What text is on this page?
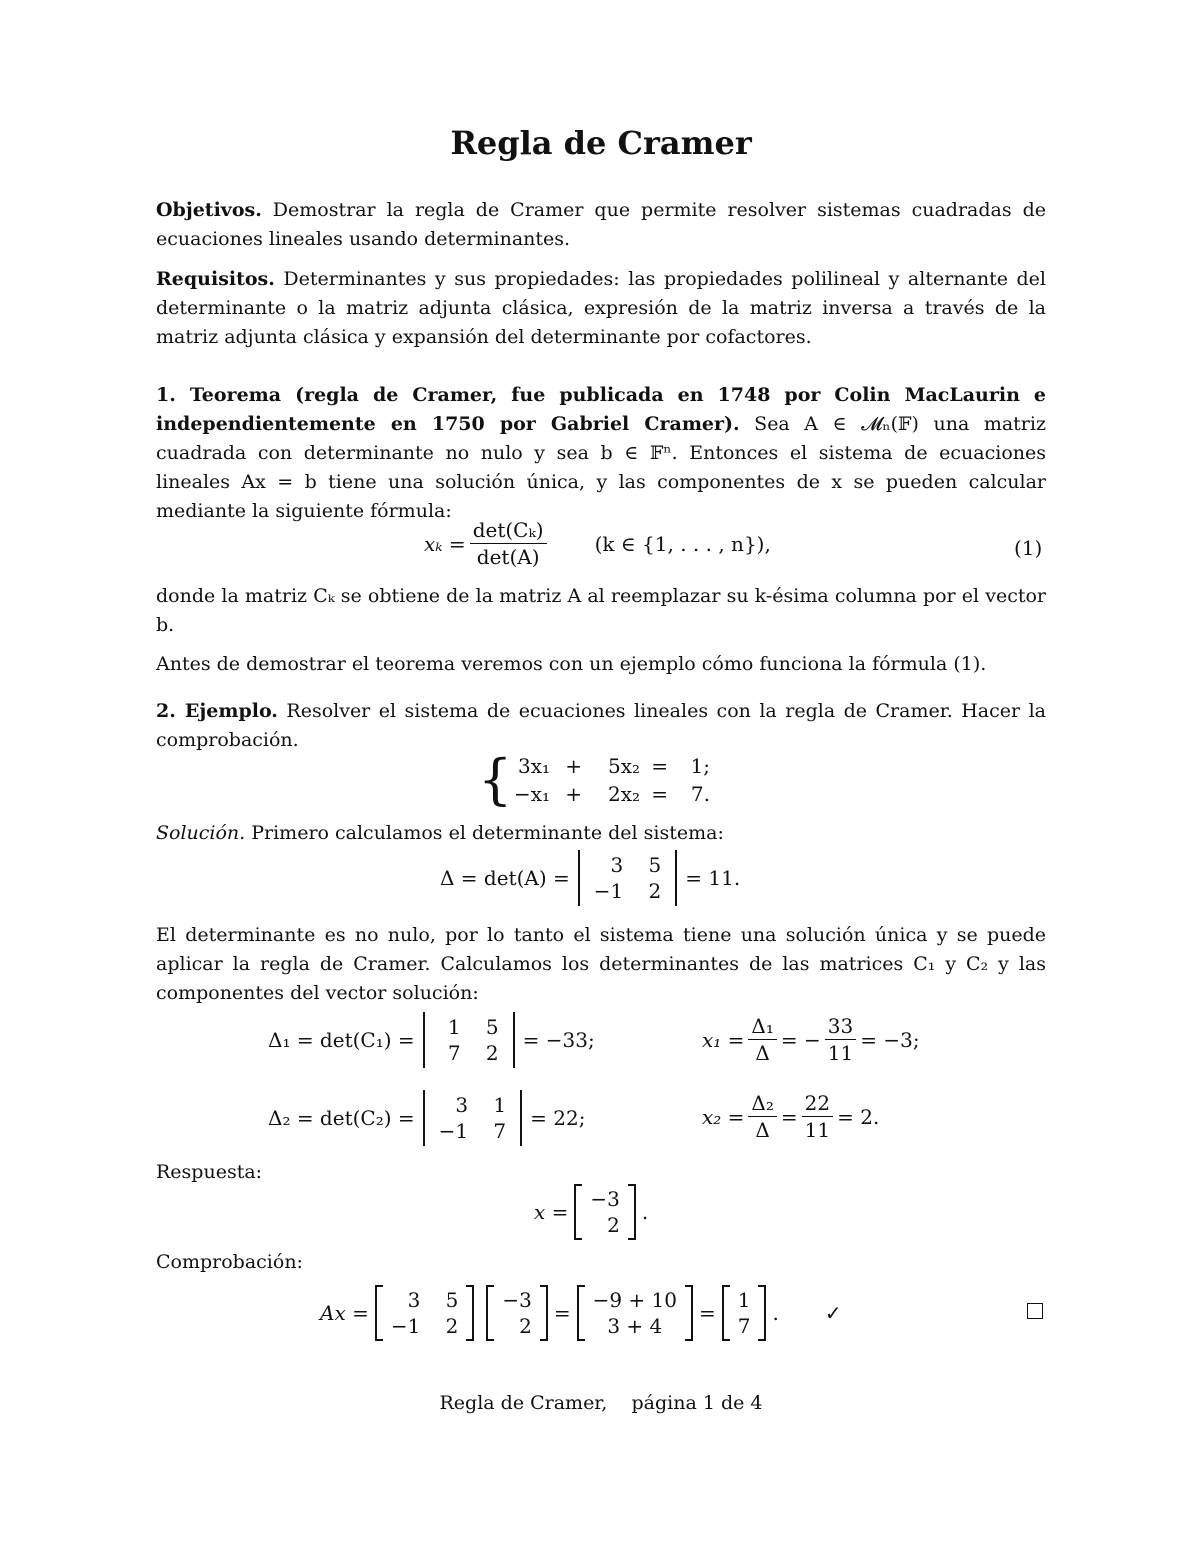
Regla de Cramer

Objetivos. Demostrar la regla de Cramer que permite resolver sistemas cuadradas de ecuaciones lineales usando determinantes.

Requisitos. Determinantes y sus propiedades: las propiedades polilineal y alternante del determinante o la matriz adjunta clásica, expresión de la matriz inversa a través de la matriz adjunta clásica y expansión del determinante por cofactores.

1. Teorema (regla de Cramer, fue publicada en 1748 por Colin MacLaurin e independientemente en 1750 por Gabriel Cramer). Sea A ∈ 𝓜ₙ(𝔽) una matriz cuadrada con determinante no nulo y sea b ∈ 𝔽ⁿ. Entonces el sistema de ecuaciones lineales Ax = b tiene una solución única, y las componentes de x se pueden calcular mediante la siguiente fórmula:

$x_k = \frac{\text{det(Cₖ)}}{\det(A)} (k$ ∈ {1, . . . , n}),	(1)

donde la matriz Cₖ se obtiene de la matriz A al reemplazar su k-ésima columna por el vector b.

Antes de demostrar el teorema veremos con un ejemplo cómo funciona la fórmula (1).

2. Ejemplo. Resolver el sistema de ecuaciones lineales con la regla de Cramer. Hacer la comprobación.

{ 3x₁ +	5x₂ =	1;
−x₁ +	2x₂ =	7.

Solución. Primero calculamos el determinante del sistema:

Δ = det(A) =
3	5
−1	2
= 11.

El determinante es no nulo, por lo tanto el sistema tiene una solución única y se puede aplicar la regla de Cramer. Calculamos los determinantes de las matrices C₁ y C₂ y las componentes del vector solución:

Δ₁ = det(C₁) =
1	5
7	2
= −33;	$x_1 = \frac{\text{Δ₁}}{\Delta}$ = − $\frac{33}{11} = -3$;
Δ₂ = det(C₂) =
3	1
−1	7
= 22;	$x_2 = \frac{\text{Δ₂}}{\Delta} = \frac{22}{11} = 2$.

Respuesta:

x =
−3
2
.

Comprobación:

Ax =
3	5
−1	2
−3
2
=
−9 + 10
3 + 4
=
1
7
. ✓
Regla de Cramer,    página 1 de 4
